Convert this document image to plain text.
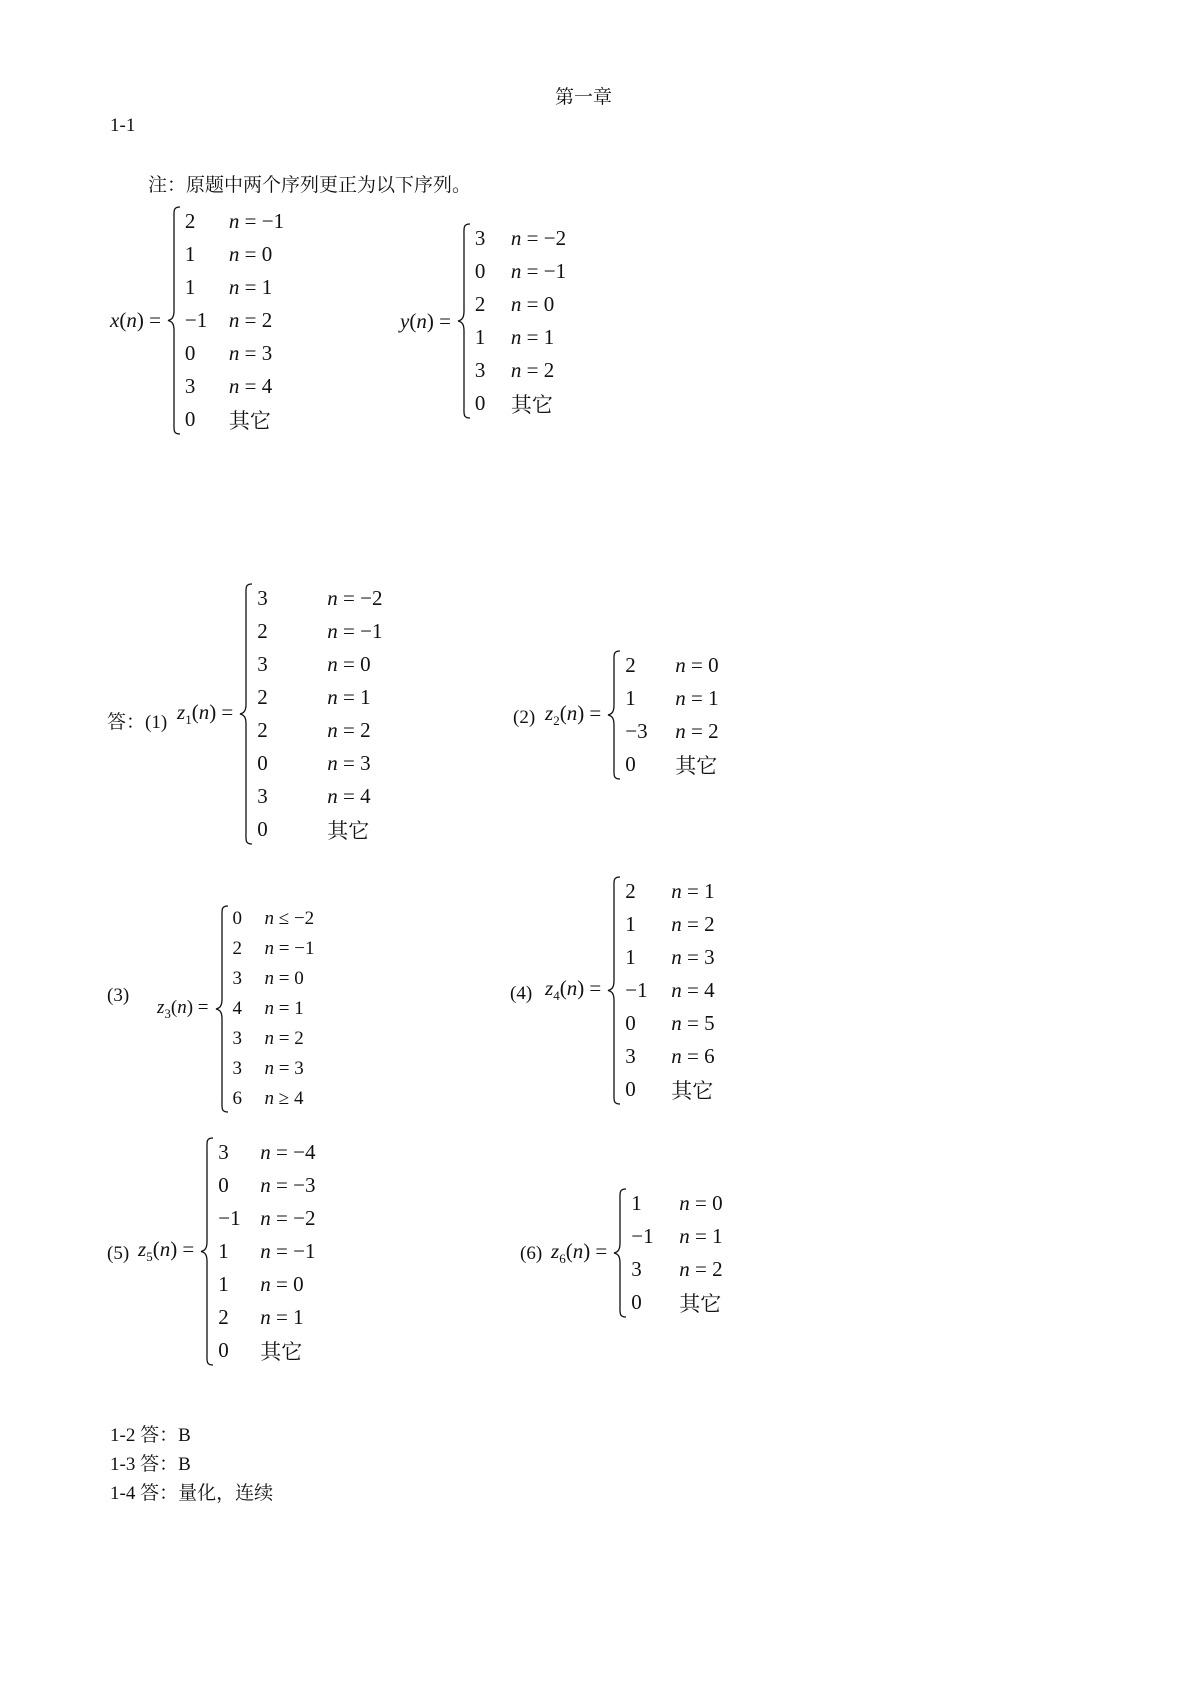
第一章
1-1
注：原题中两个序列更正为以下序列。
x(n) =
2	n = −1
1	n = 0
1	n = 1
−1	n = 2
0	n = 3
3	n = 4
0	其它
y(n) =
3	n = −2
0	n = −1
2	n = 0
1	n = 1
3	n = 2
0	其它
答：(1) $z_1(n)$ =
3	n = −2
2	n = −1
3	n = 0
2	n = 1
2	n = 2
0	n = 3
3	n = 4
0	其它
(2) $z_2(n)$ =
2	n = 0
1	n = 1
−3	n = 2
0	其它
(3)
$z_3(n)$ =
0	n ≤ −2
2	n = −1
3	n = 0
4	n = 1
3	n = 2
3	n = 3
6	n ≥ 4
(4) $z_4(n)$ =
2	n = 1
1	n = 2
1	n = 3
−1	n = 4
0	n = 5
3	n = 6
0	其它
(5) $z_5(n)$ =
3	n = −4
0	n = −3
−1 n = −2
1	n = −1
1	n = 0
2	n = 1
0	其它
(6) $z_6(n)$ =
1	n = 0
−1	n = 1
3	n = 2
0	其它
1-2 答：B
1-3 答：B
1-4 答：量化，连续
